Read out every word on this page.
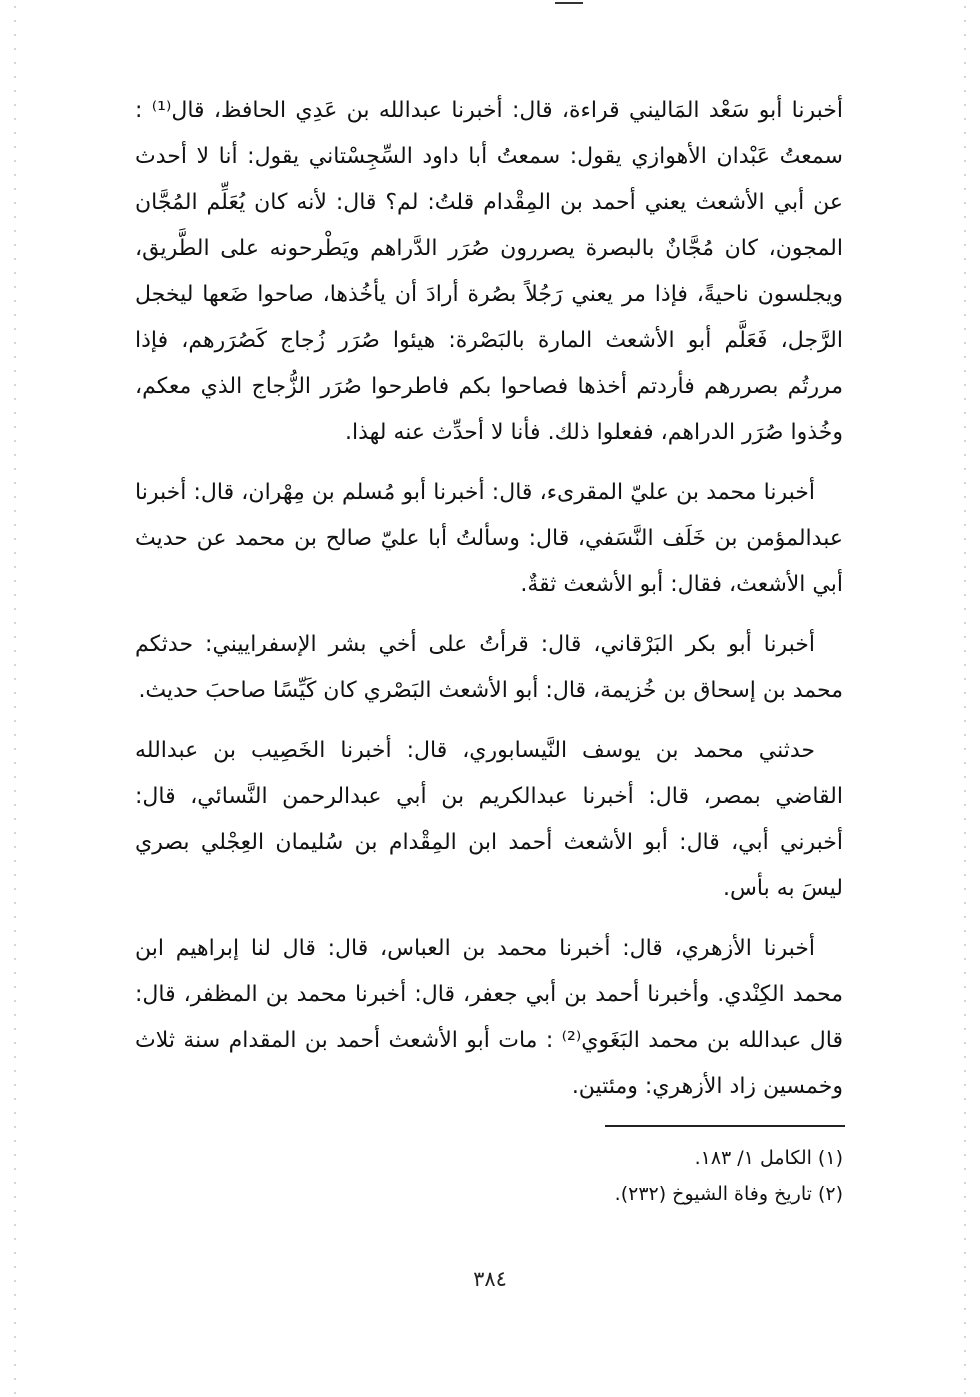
أخبرنا أبو سَعْد المَاليني قراءة، قال: أخبرنا عبدالله بن عَدِي الحافظ، قال⁽¹⁾ : سمعتُ عَبْدان الأهوازي يقول: سمعتُ أبا داود السِّجِسْتاني يقول: أنا لا أحدث عن أبي الأشعث يعني أحمد بن المِقْدام قلتُ: لم؟ قال: لأنه كان يُعَلِّم المُجَّان المجون، كان مُجَّانٌ بالبصرة يصررون صُرَر الدَّراهم ويَطْرحونه على الطَّريق، ويجلسون ناحيةً، فإذا مر يعني رَجُلاً بصُرة أرادَ أن يأخُذها، صاحوا ضَعها ليخجل الرَّجل، فَعَلَّم أبو الأشعث المارة بالبَصْرة: هيئوا صُرَر زُجاج كَصُرَرهم، فإذا مررتُم بصررهم فأردتم أخذها فصاحوا بكم فاطرحوا صُرَر الزُّجاج الذي معكم، وخُذوا صُرَر الدراهم، ففعلوا ذلك. فأنا لا أحدِّث عنه لهذا.

أخبرنا محمد بن عليّ المقرىء، قال: أخبرنا أبو مُسلم بن مِهْران، قال: أخبرنا عبدالمؤمن بن خَلَف النَّسَفي، قال: وسألتُ أبا عليّ صالح بن محمد عن حديث أبي الأشعث، فقال: أبو الأشعث ثقةٌ.

أخبرنا أبو بكر البَرْقاني، قال: قرأتُ على أخي بشر الإسفراييني: حدثكم محمد بن إسحاق بن خُزيمة، قال: أبو الأشعث البَصْري كان كَيِّسًا صاحبَ حديث.

حدثني محمد بن يوسف النَّيسابوري، قال: أخبرنا الخَصِيب بن عبدالله القاضي بمصر، قال: أخبرنا عبدالكريم بن أبي عبدالرحمن النَّسائي، قال: أخبرني أبي، قال: أبو الأشعث أحمد ابن المِقْدام بن سُليمان العِجْلي بصري ليسَ به بأس.

أخبرنا الأزهري، قال: أخبرنا محمد بن العباس، قال: قال لنا إبراهيم ابن محمد الكِنْدي. وأخبرنا أحمد بن أبي جعفر، قال: أخبرنا محمد بن المظفر، قال: قال عبدالله بن محمد البَغَوي⁽²⁾ : مات أبو الأشعث أحمد بن المقدام سنة ثلاث وخمسين زاد الأزهري: ومئتين.

(١) الكامل ١/ ١٨٣.

(٢) تاريخ وفاة الشيوخ (٢٣٢).

٣٨٤
